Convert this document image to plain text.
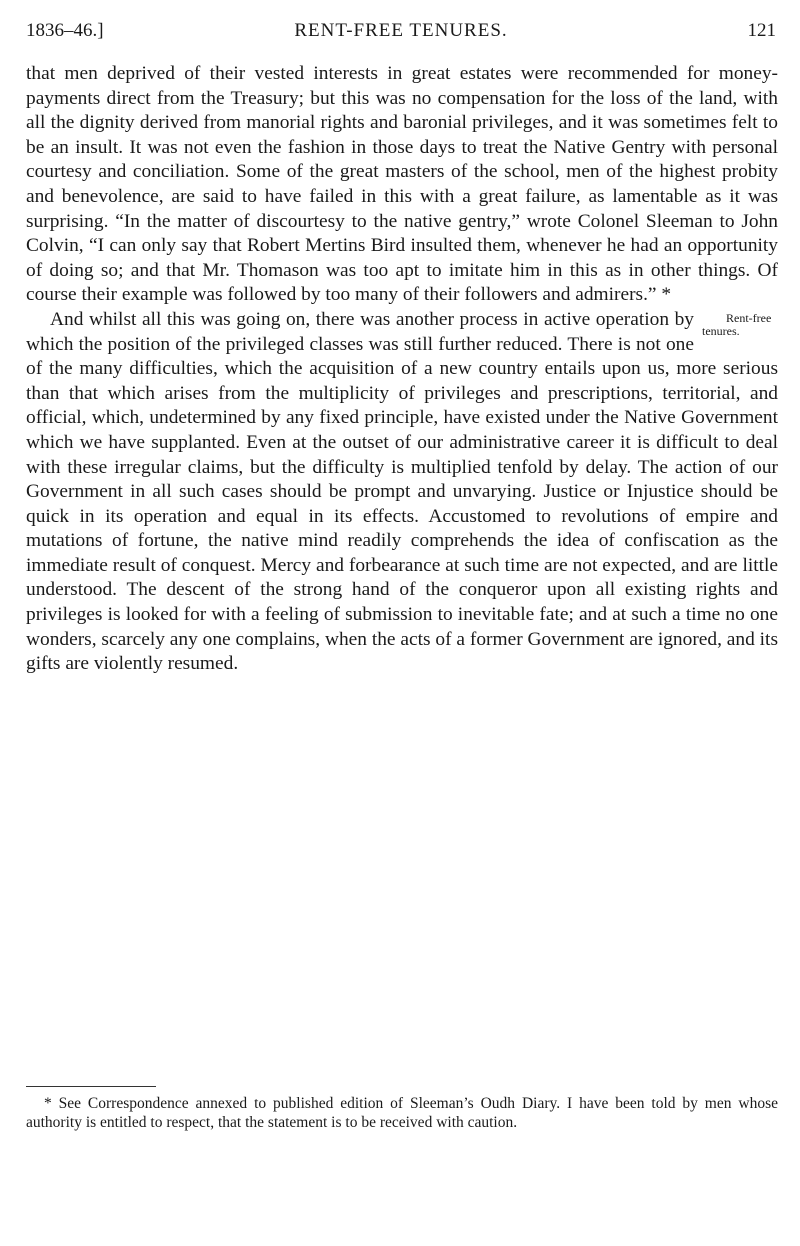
1836–46.]	RENT-FREE TENURES.	121

that men deprived of their vested interests in great estates were recommended for money-payments direct from the Treasury; but this was no compensation for the loss of the land, with all the dignity derived from manorial rights and baronial privileges, and it was sometimes felt to be an insult. It was not even the fashion in those days to treat the Native Gentry with personal courtesy and conciliation. Some of the great masters of the school, men of the highest probity and benevolence, are said to have failed in this with a great failure, as lamentable as it was surprising. “In the matter of discourtesy to the native gentry,” wrote Colonel Sleeman to John Colvin, “I can only say that Robert Mertins Bird insulted them, whenever he had an opportunity of doing so; and that Mr. Thomason was too apt to imitate him in this as in other things. Of course their example was followed by too many of their followers and admirers.” *

Rent-free tenures.
And whilst all this was going on, there was another process in active operation by which the position of the privileged classes was still further reduced. There is not one of the many difficulties, which the acquisition of a new country entails upon us, more serious than that which arises from the multiplicity of privileges and prescriptions, territorial, and official, which, undetermined by any fixed principle, have existed under the Native Government which we have supplanted. Even at the outset of our administrative career it is difficult to deal with these irregular claims, but the difficulty is multiplied tenfold by delay. The action of our Government in all such cases should be prompt and unvarying. Justice or Injustice should be quick in its operation and equal in its effects. Accustomed to revolutions of empire and mutations of fortune, the native mind readily comprehends the idea of confiscation as the immediate result of conquest. Mercy and forbearance at such time are not expected, and are little understood. The descent of the strong hand of the conqueror upon all existing rights and privileges is looked for with a feeling of submission to inevitable fate; and at such a time no one wonders, scarcely any one complains, when the acts of a former Government are ignored, and its gifts are violently resumed.

* See Correspondence annexed to published edition of Sleeman’s Oudh Diary. I have been told by men whose authority is entitled to respect, that the statement is to be received with caution.
